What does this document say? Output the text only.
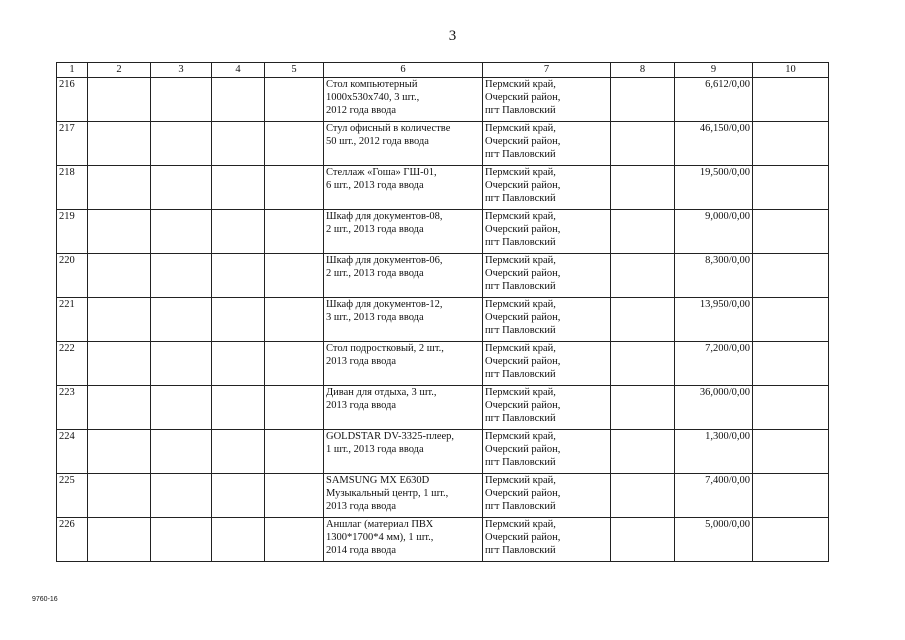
3
1	2	3	4	5	6	7	8	9	10
216					Стол компьютерный
1000х530х740, 3 шт.,
2012 года ввода	Пермский край,
Очерский район,
пгт Павловский		6,612/0,00	
217					Стул офисный в количестве
50 шт., 2012 года ввода	Пермский край,
Очерский район,
пгт Павловский		46,150/0,00	
218					Стеллаж «Гоша» ГШ-01,
6 шт., 2013 года ввода	Пермский край,
Очерский район,
пгт Павловский		19,500/0,00	
219					Шкаф для документов-08,
2 шт., 2013 года ввода	Пермский край,
Очерский район,
пгт Павловский		9,000/0,00	
220					Шкаф для документов-06,
2 шт., 2013 года ввода	Пермский край,
Очерский район,
пгт Павловский		8,300/0,00	
221					Шкаф для документов-12,
3 шт., 2013 года ввода	Пермский край,
Очерский район,
пгт Павловский		13,950/0,00	
222					Стол подростковый, 2 шт.,
2013 года ввода	Пермский край,
Очерский район,
пгт Павловский		7,200/0,00	
223					Диван для отдыха, 3 шт.,
2013 года ввода	Пермский край,
Очерский район,
пгт Павловский		36,000/0,00	
224					GOLDSTAR DV-3325-плеер,
1 шт., 2013 года ввода	Пермский край,
Очерский район,
пгт Павловский		1,300/0,00	
225					SAMSUNG MX E630D
Музыкальный центр, 1 шт.,
2013 года ввода	Пермский край,
Очерский район,
пгт Павловский		7,400/0,00	
226					Аншлаг (материал ПВХ
1300*1700*4 мм), 1 шт.,
2014 года ввода	Пермский край,
Очерский район,
пгт Павловский		5,000/0,00	
9760-16
